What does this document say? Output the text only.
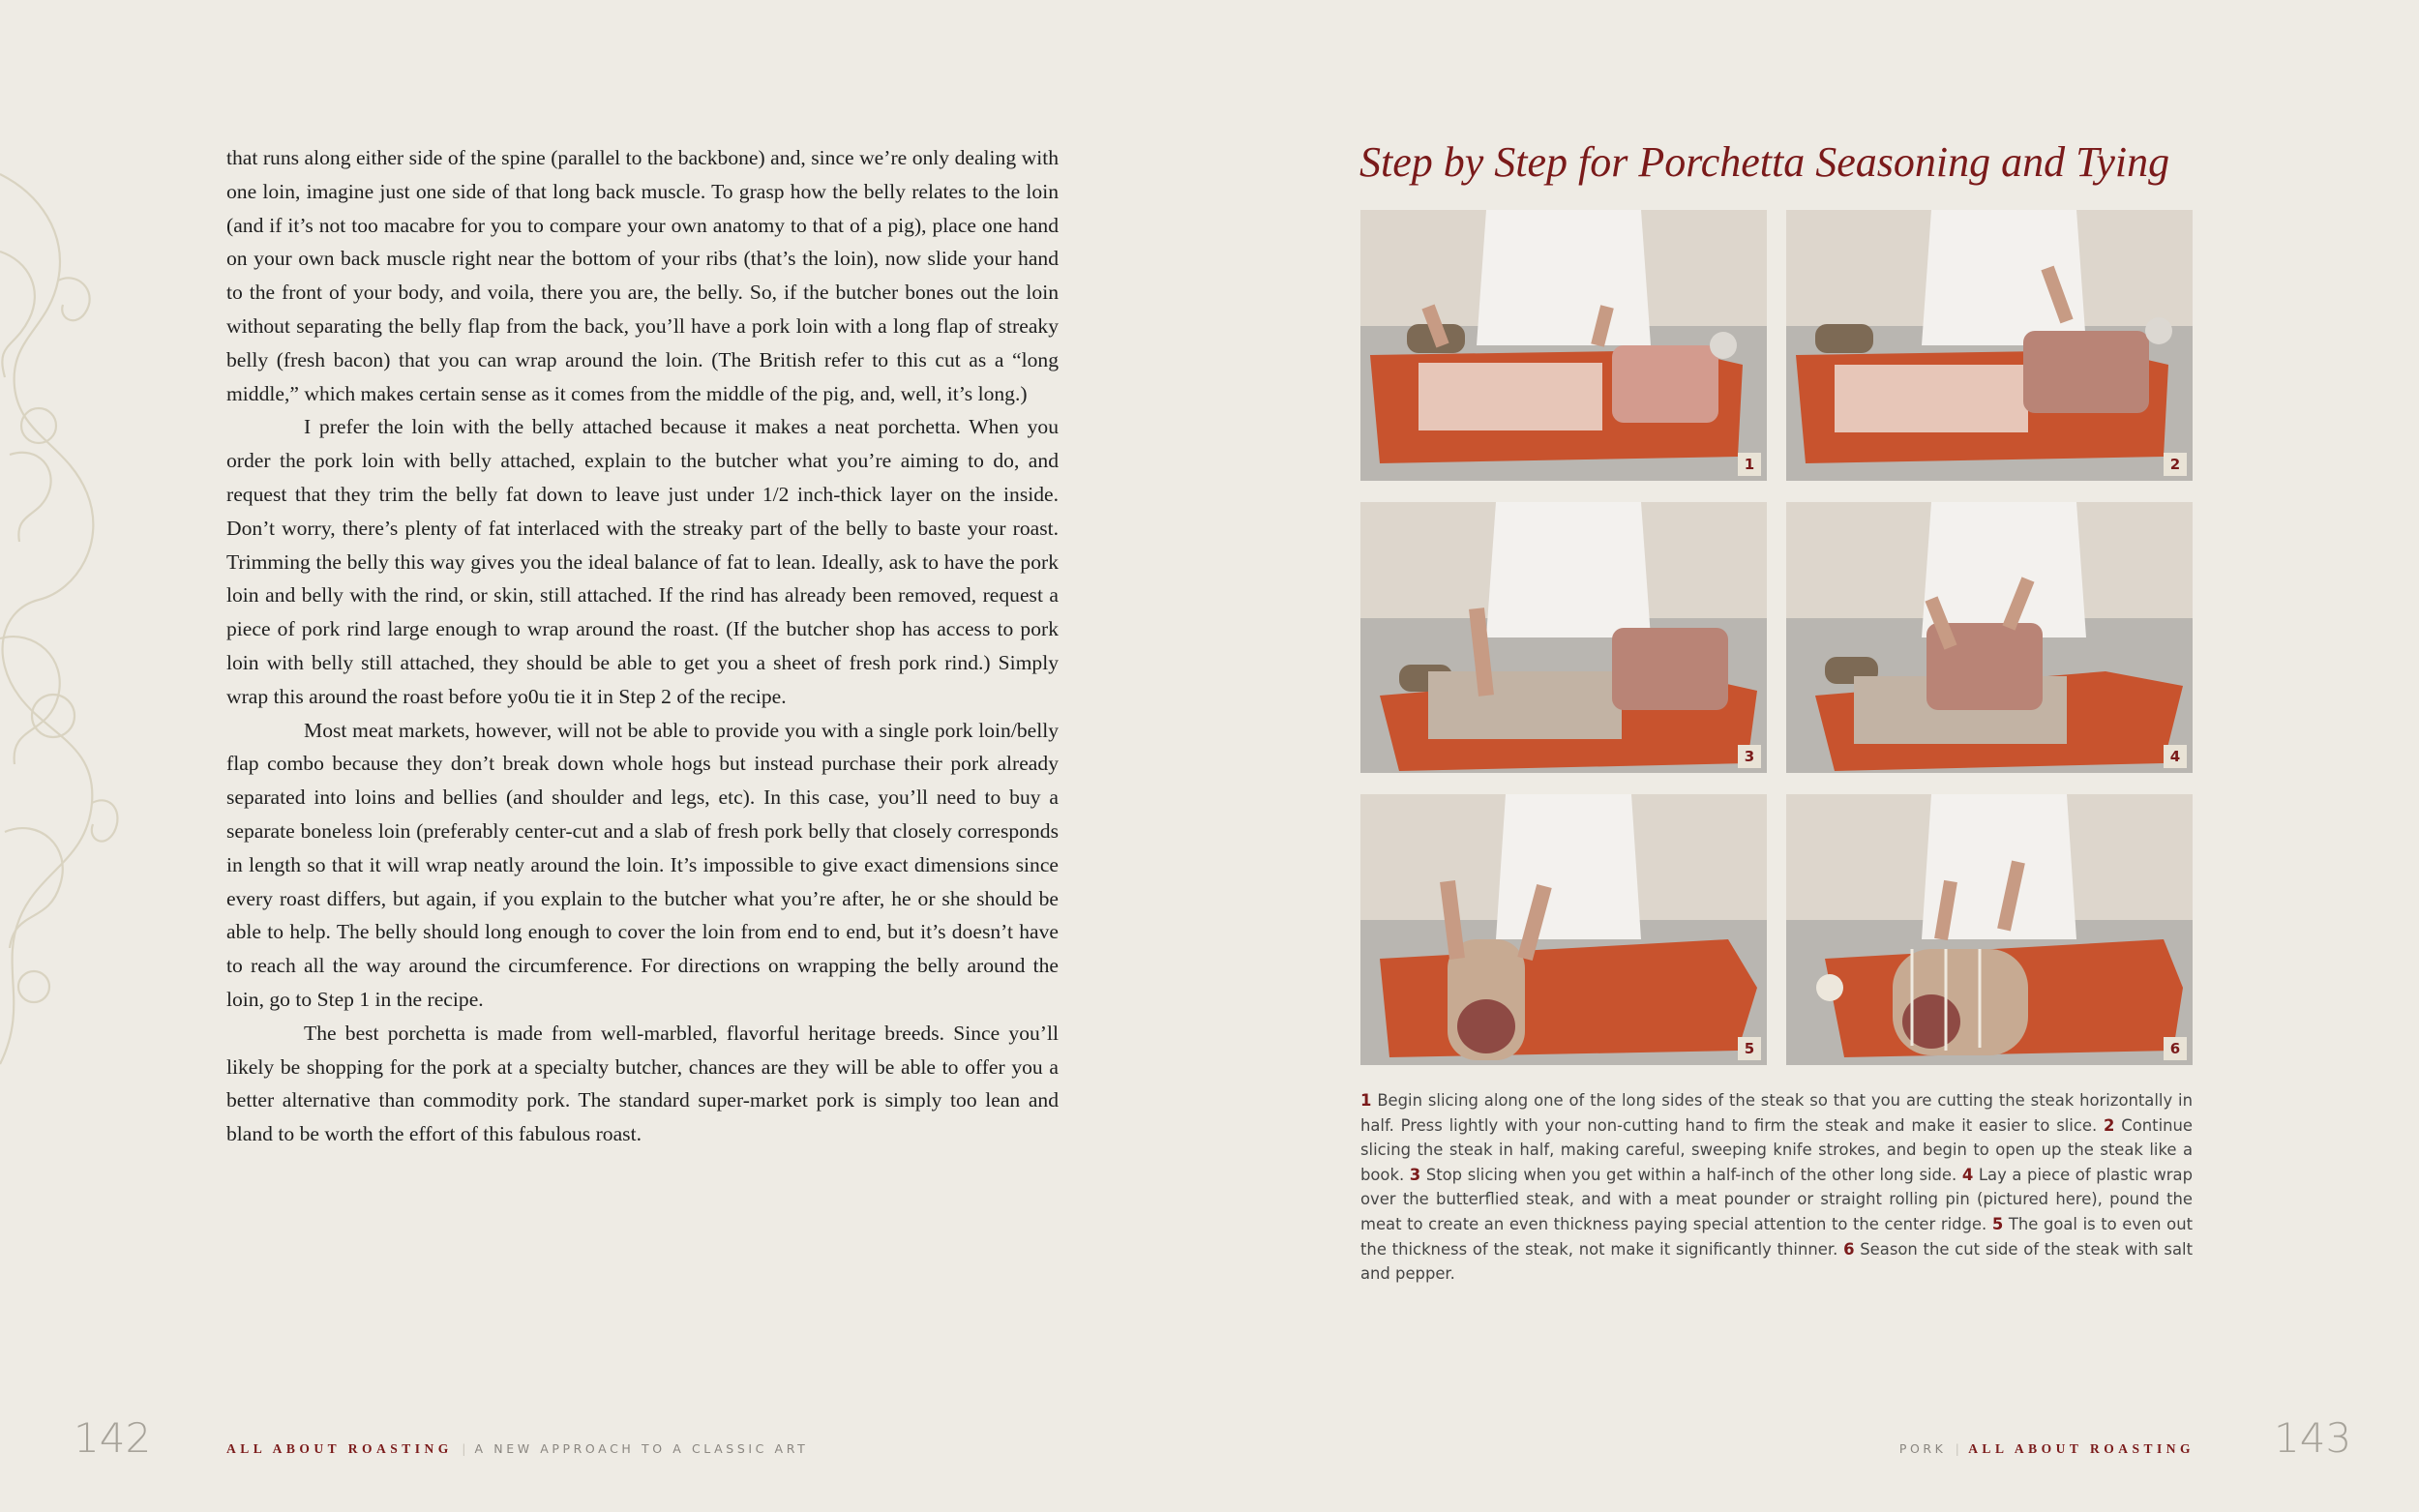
that runs along either side of the spine (parallel to the backbone) and, since we’re only dealing with one loin, imagine just one side of that long back muscle. To grasp how the belly relates to the loin (and if it’s not too macabre for you to compare your own anatomy to that of a pig), place one hand on your own back muscle right near the bottom of your ribs (that’s the loin), now slide your hand to the front of your body, and voila, there you are, the belly. So, if the butcher bones out the loin without separating the belly flap from the back, you’ll have a pork loin with a long flap of streaky belly (fresh bacon) that you can wrap around the loin. (The British refer to this cut as a “long middle,” which makes certain sense as it comes from the middle of the pig, and, well, it’s long.)

I prefer the loin with the belly attached because it makes a neat porchetta. When you order the pork loin with belly attached, explain to the butcher what you’re aiming to do, and request that they trim the belly fat down to leave just under 1/2 inch-thick layer on the inside. Don’t worry, there’s plenty of fat interlaced with the streaky part of the belly to baste your roast. Trimming the belly this way gives you the ideal balance of fat to lean. Ideally, ask to have the pork loin and belly with the rind, or skin, still attached. If the rind has already been removed, request a piece of pork rind large enough to wrap around the roast. (If the butcher shop has access to pork loin with belly still attached, they should be able to get you a sheet of fresh pork rind.) Simply wrap this around the roast before yo0u tie it in Step 2 of the recipe.

Most meat markets, however, will not be able to provide you with a single pork loin/belly flap combo because they don’t break down whole hogs but instead purchase their pork already separated into loins and bellies (and shoulder and legs, etc). In this case, you’ll need to buy a separate boneless loin (preferably center-cut and a slab of fresh pork belly that closely corresponds in length so that it will wrap neatly around the loin. It’s impossible to give exact dimensions since every roast differs, but again, if you explain to the butcher what you’re after, he or she should be able to help. The belly should long enough to cover the loin from end to end, but it’s doesn’t have to reach all the way around the circumference. For directions on wrapping the belly around the loin, go to Step 1 in the recipe.

The best porchetta is made from well-marbled, flavorful heritage breeds. Since you’ll likely be shopping for the pork at a specialty butcher, chances are they will be able to offer you a better alternative than commodity pork. The standard super-market pork is simply too lean and bland to be worth the effort of this fabulous roast.

Step by Step for Porchetta Seasoning and Tying
1	2
3	4
5	6

1 Begin slicing along one of the long sides of the steak so that you are cutting the steak horizontally in half. Press lightly with your non-cutting hand to firm the steak and make it easier to slice. 2 Continue slicing the steak in half, making careful, sweeping knife strokes, and begin to open up the steak like a book. 3 Stop slicing when you get within a half-inch of the other long side. 4 Lay a piece of plastic wrap over the butterflied steak, and with a meat pounder or straight rolling pin (pictured here), pound the meat to create an even thickness paying special attention to the center ridge. 5 The goal is to even out the thickness of the steak, not make it significantly thinner. 6 Season the cut side of the steak with salt and pepper.

142	ALL ABOUT ROASTING | A NEW APPROACH TO A CLASSIC ART	PORK | ALL ABOUT ROASTING 143
